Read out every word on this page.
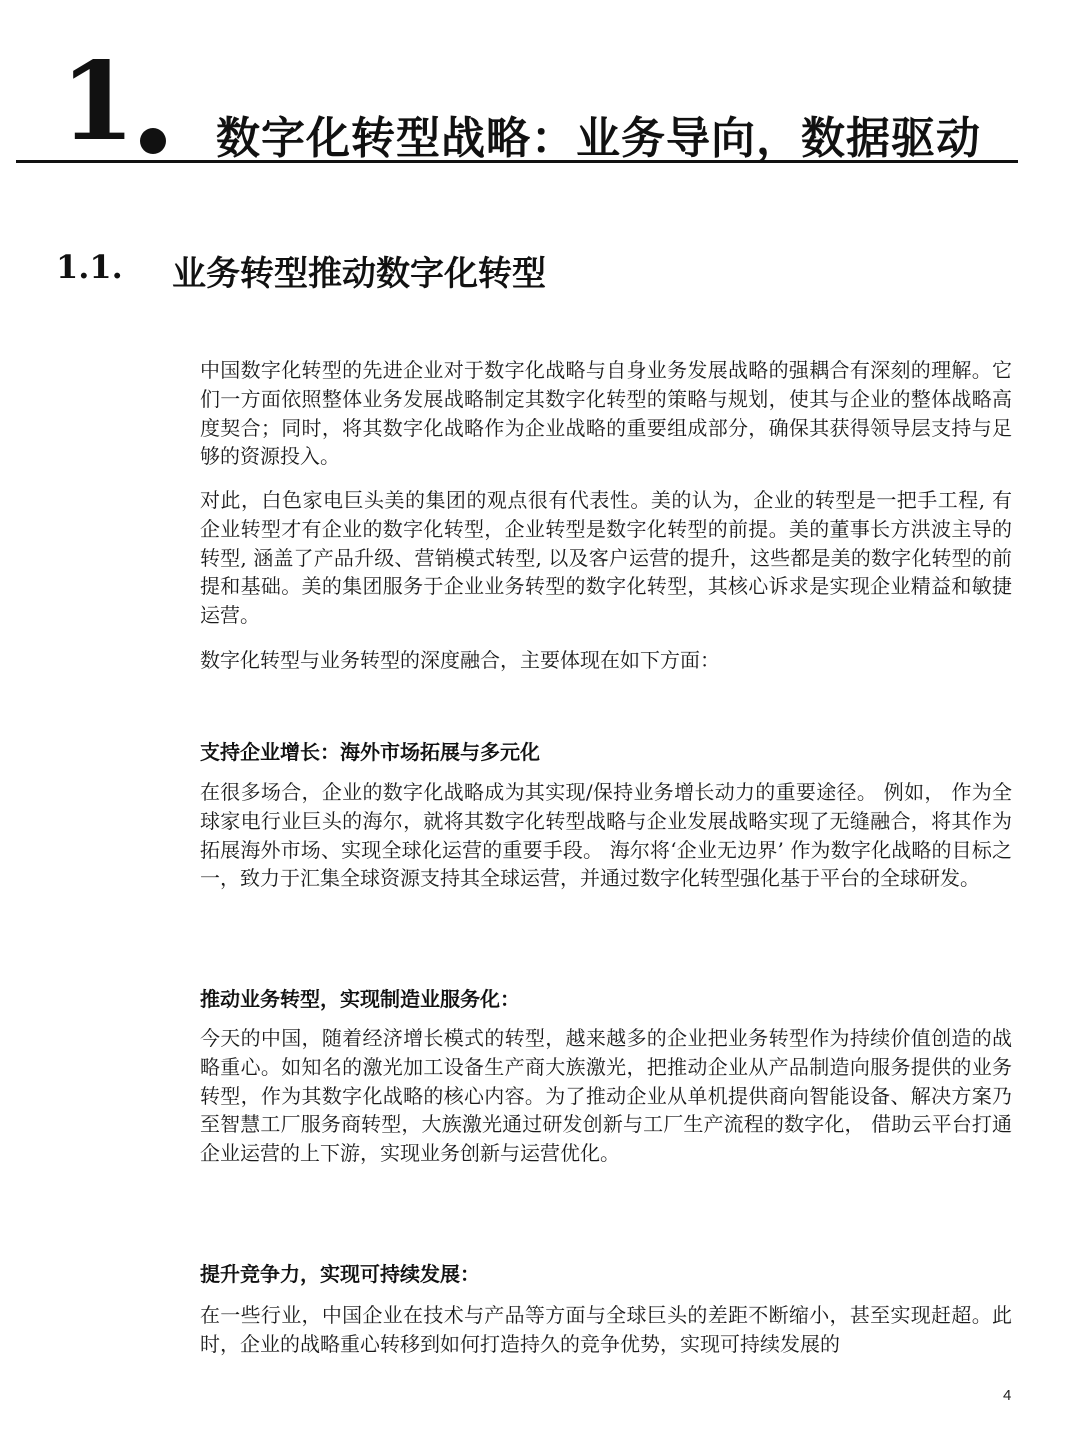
1 数字化转型战略：业务导向，数据驱动
1.1. 业务转型推动数字化转型

中国数字化转型的先进企业对于数字化战略与自身业务发展战略的强耦合有深刻的理解。它们一方面依照整体业务发展战略制定其数字化转型的策略与规划，使其与企业的整体战略高度契合；同时，将其数字化战略作为企业战略的重要组成部分，确保其获得领导层支持与足够的资源投入。

对此，白色家电巨头美的集团的观点很有代表性。美的认为，企业的转型是一把手工程, 有企业转型才有企业的数字化转型，企业转型是数字化转型的前提。美的董事长方洪波主导的转型, 涵盖了产品升级、营销模式转型, 以及客户运营的提升，这些都是美的数字化转型的前提和基础。美的集团服务于企业业务转型的数字化转型，其核心诉求是实现企业精益和敏捷运营。

数字化转型与业务转型的深度融合，主要体现在如下方面：

支持企业增长：海外市场拓展与多元化

在很多场合，企业的数字化战略成为其实现/保持业务增长动力的重要途径。 例如， 作为全球家电行业巨头的海尔，就将其数字化转型战略与企业发展战略实现了无缝融合，将其作为拓展海外市场、实现全球化运营的重要手段。 海尔将‘企业无边界’ 作为数字化战略的目标之一，致力于汇集全球资源支持其全球运营，并通过数字化转型强化基于平台的全球研发。

推动业务转型，实现制造业服务化：

今天的中国，随着经济增长模式的转型，越来越多的企业把业务转型作为持续价值创造的战略重心。如知名的激光加工设备生产商大族激光，把推动企业从产品制造向服务提供的业务转型，作为其数字化战略的核心内容。为了推动企业从单机提供商向智能设备、解决方案乃至智慧工厂服务商转型，大族激光通过研发创新与工厂生产流程的数字化， 借助云平台打通企业运营的上下游，实现业务创新与运营优化。

提升竞争力，实现可持续发展：

在一些行业，中国企业在技术与产品等方面与全球巨头的差距不断缩小，甚至实现赶超。此时，企业的战略重心转移到如何打造持久的竞争优势，实现可持续发展的

4
